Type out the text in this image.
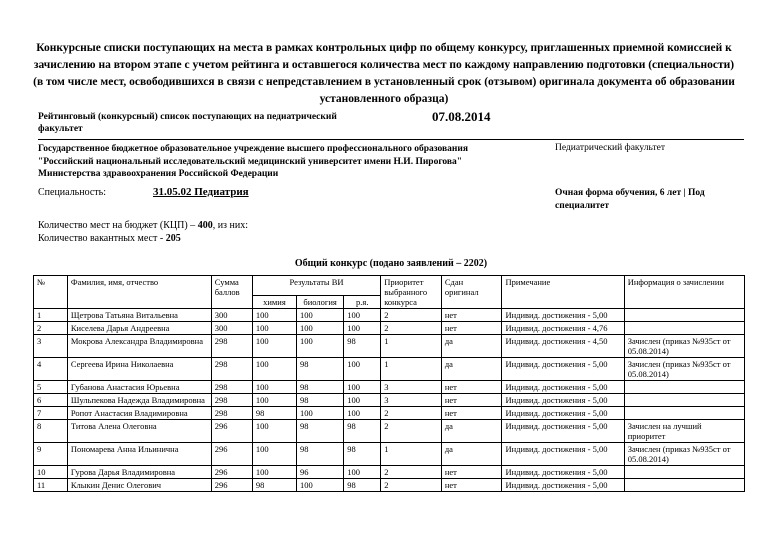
Конкурсные списки поступающих на места в рамках контрольных цифр по общему конкурсу, приглашенных приемной комиссией к зачислению на втором этапе с учетом рейтинга и оставшегося количества мест по каждому направлению подготовки (специальности) (в том числе мест, освободившихся в связи с непредставлением в установленный срок (отзывом) оригинала документа об образовании установленного образца)
Рейтинговый (конкурсный) список поступающих на педиатрический факультет
07.08.2014
Государственное бюджетное образовательное учреждение высшего профессионального образования "Российский национальный исследовательский медицинский университет имени Н.И. Пирогова" Министерства здравоохранения Российской Федерации
Педиатрический факультет
Специальность:	31.05.02 Педиатрия	Очная форма обучения, 6 лет | Под специалитет
Количество мест на бюджет (КЦП) – 400, из них:
Количество вакантных мест - 205
Общий конкурс (подано заявлений – 2202)
№	Фамилия, имя, отчество	Сумма баллов	Результаты ВИ			Приоритет выбранного конкурса	Сдан оригинал	Примечание	Информация о зачислении
			химия	биология	р.я.				
1	Щетрова Татьяна Витальевна	300	100	100	100	2	нет	Индивид. достижения - 5,00	
2	Киселева Дарья Андреевна	300	100	100	100	2	нет	Индивид. достижения - 4,76	
3	Мокрова Александра Владимировна	298	100	100	98	1	да	Индивид. достижения - 4,50	Зачислен (приказ №935ст от 05.08.2014)
4	Сергеева Ирина Николаевна	298	100	98	100	1	да	Индивид. достижения - 5,00	Зачислен (приказ №935ст от 05.08.2014)
5	Губанова Анастасия Юрьевна	298	100	98	100	3	нет	Индивид. достижения - 5,00	
6	Шульпекова Надежда Владимировна	298	100	98	100	3	нет	Индивид. достижения - 5,00	
7	Ропот Анастасия Владимировна	298	98	100	100	2	нет	Индивид. достижения - 5,00	
8	Титова Алена Олеговна	296	100	98	98	2	да	Индивид. достижения - 5,00	Зачислен на лучший приоритет
9	Пономарева Анна Ильинична	296	100	98	98	1	да	Индивид. достижения - 5,00	Зачислен (приказ №935ст от 05.08.2014)
10	Гурова Дарья Владимировна	296	100	96	100	2	нет	Индивид. достижения - 5,00	
11	Клыкин Денис Олегович	296	98	100	98	2	нет	Индивид. достижения - 5,00	
